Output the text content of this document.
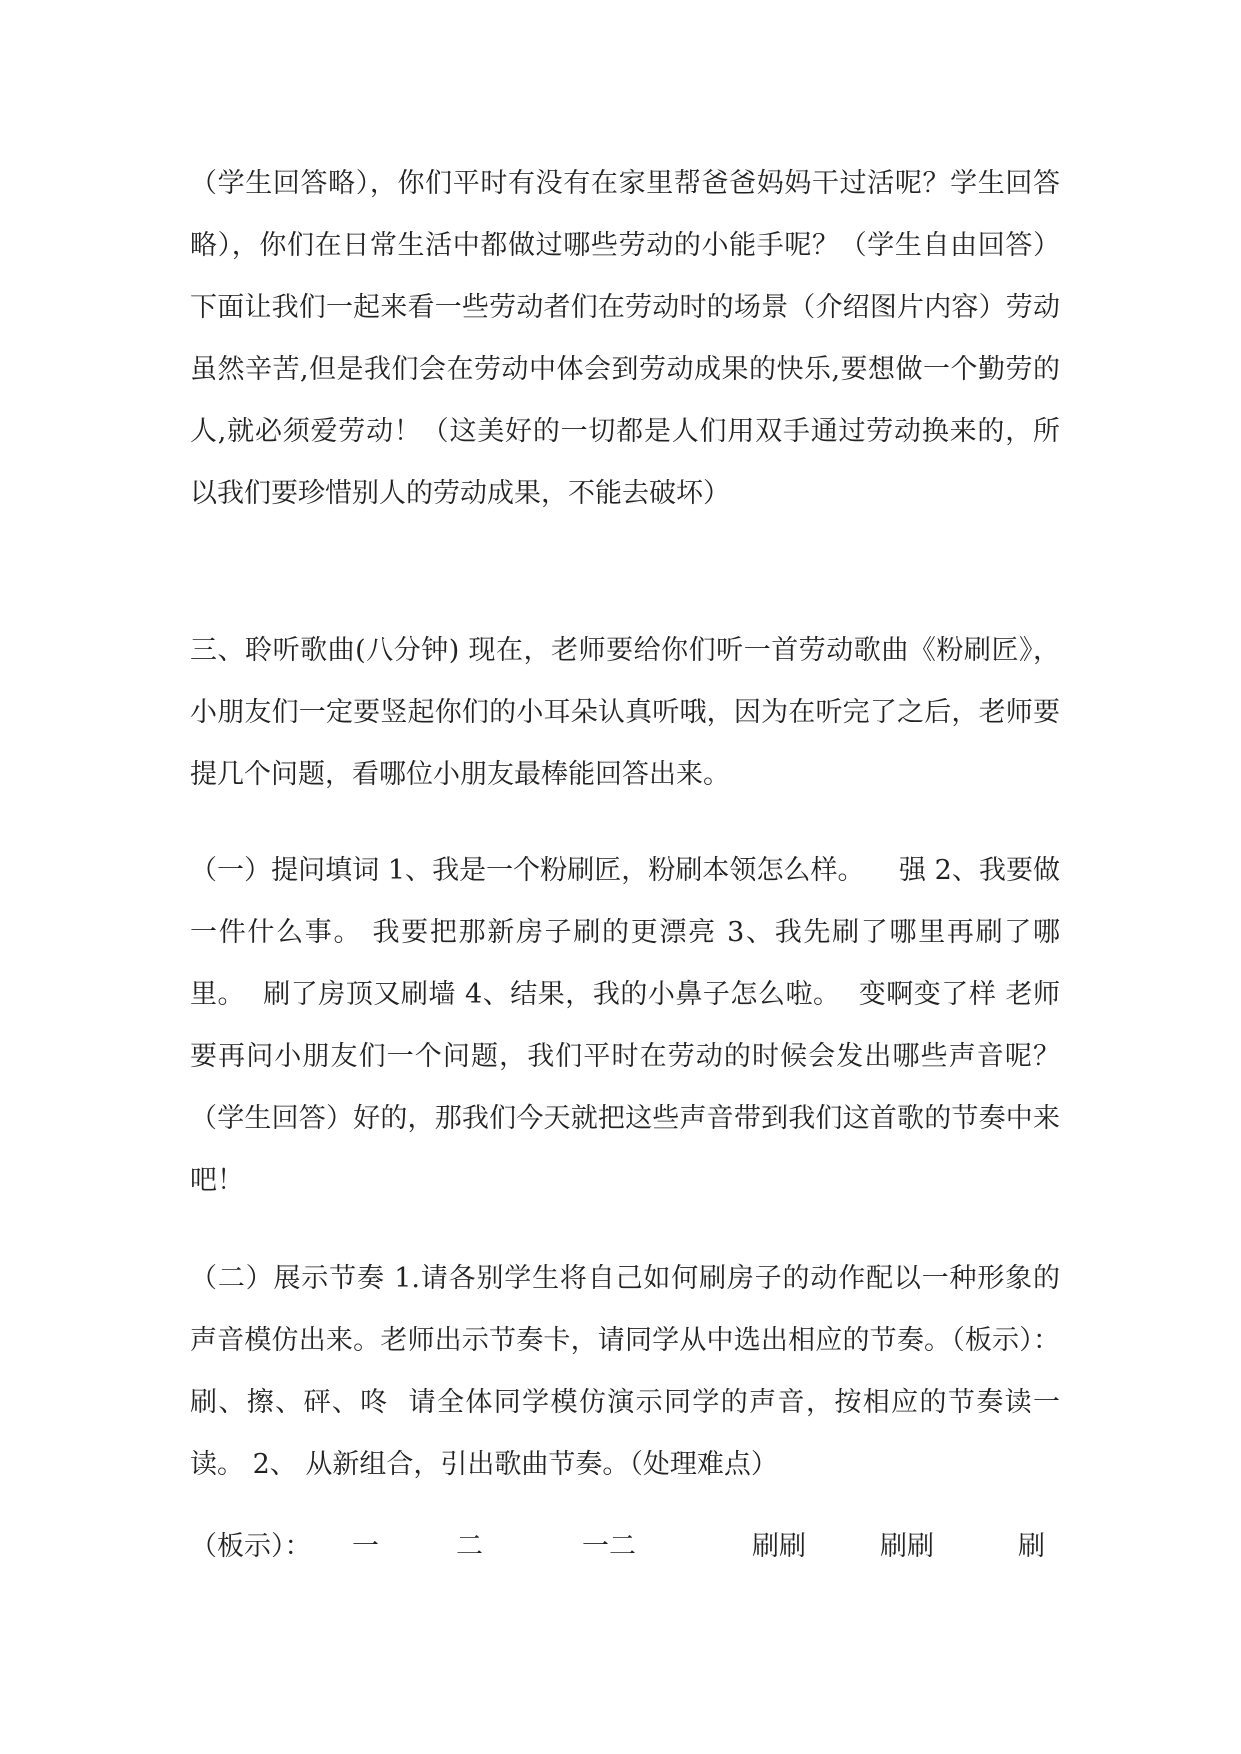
（学生回答略），你们平时有没有在家里帮爸爸妈妈干过活呢？学生回答略），你们在日常生活中都做过哪些劳动的小能手呢？（学生自由回答）下面让我们一起来看一些劳动者们在劳动时的场景（介绍图片内容）劳动虽然辛苦,但是我们会在劳动中体会到劳动成果的快乐,要想做一个勤劳的人,就必须爱劳动！（这美好的一切都是人们用双手通过劳动换来的，所以我们要珍惜别人的劳动成果，不能去破坏）

三、聆听歌曲(八分钟) 现在，老师要给你们听一首劳动歌曲《粉刷匠》，小朋友们一定要竖起你们的小耳朵认真听哦，因为在听完了之后，老师要提几个问题，看哪位小朋友最棒能回答出来。

（一）提问填词 1、我是一个粉刷匠，粉刷本领怎么样。    强 2、我要做一件什么事。 我要把那新房子刷的更漂亮 3、我先刷了哪里再刷了哪里。  刷了房顶又刷墙 4、结果，我的小鼻子怎么啦。  变啊变了样 老师要再问小朋友们一个问题，我们平时在劳动的时候会发出哪些声音呢？（学生回答）好的，那我们今天就把这些声音带到我们这首歌的节奏中来吧！

（二）展示节奏 1.请各别学生将自己如何刷房子的动作配以一种形象的声音模仿出来。老师出示节奏卡，请同学从中选出相应的节奏。（板示）：刷、擦、砰、咚  请全体同学模仿演示同学的声音，按相应的节奏读一读。 2、 从新组合，引出歌曲节奏。（处理难点）

（板示）： 一	二	一二	刷刷	刷刷	刷
